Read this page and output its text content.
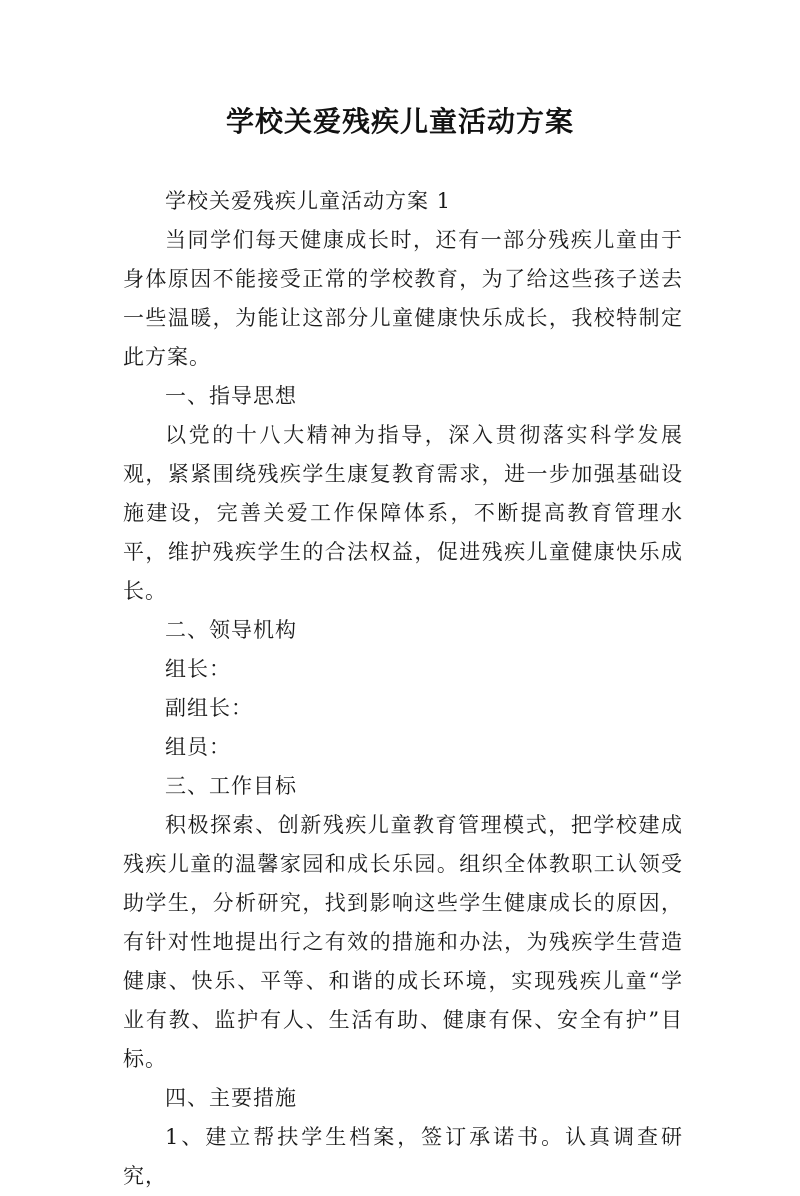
学校关爱残疾儿童活动方案

学校关爱残疾儿童活动方案 1

当同学们每天健康成长时，还有一部分残疾儿童由于身体原因不能接受正常的学校教育，为了给这些孩子送去一些温暖，为能让这部分儿童健康快乐成长，我校特制定此方案。

一、指导思想

以党的十八大精神为指导，深入贯彻落实科学发展观，紧紧围绕残疾学生康复教育需求，进一步加强基础设施建设，完善关爱工作保障体系，不断提高教育管理水平，维护残疾学生的合法权益，促进残疾儿童健康快乐成长。

二、领导机构

组长：

副组长：

组员：

三、工作目标

积极探索、创新残疾儿童教育管理模式，把学校建成残疾儿童的温馨家园和成长乐园。组织全体教职工认领受助学生，分析研究，找到影响这些学生健康成长的原因，有针对性地提出行之有效的措施和办法，为残疾学生营造健康、快乐、平等、和谐的成长环境，实现残疾儿童“学业有教、监护有人、生活有助、健康有保、安全有护”目标。

四、主要措施

1、建立帮扶学生档案，签订承诺书。认真调查研究，
